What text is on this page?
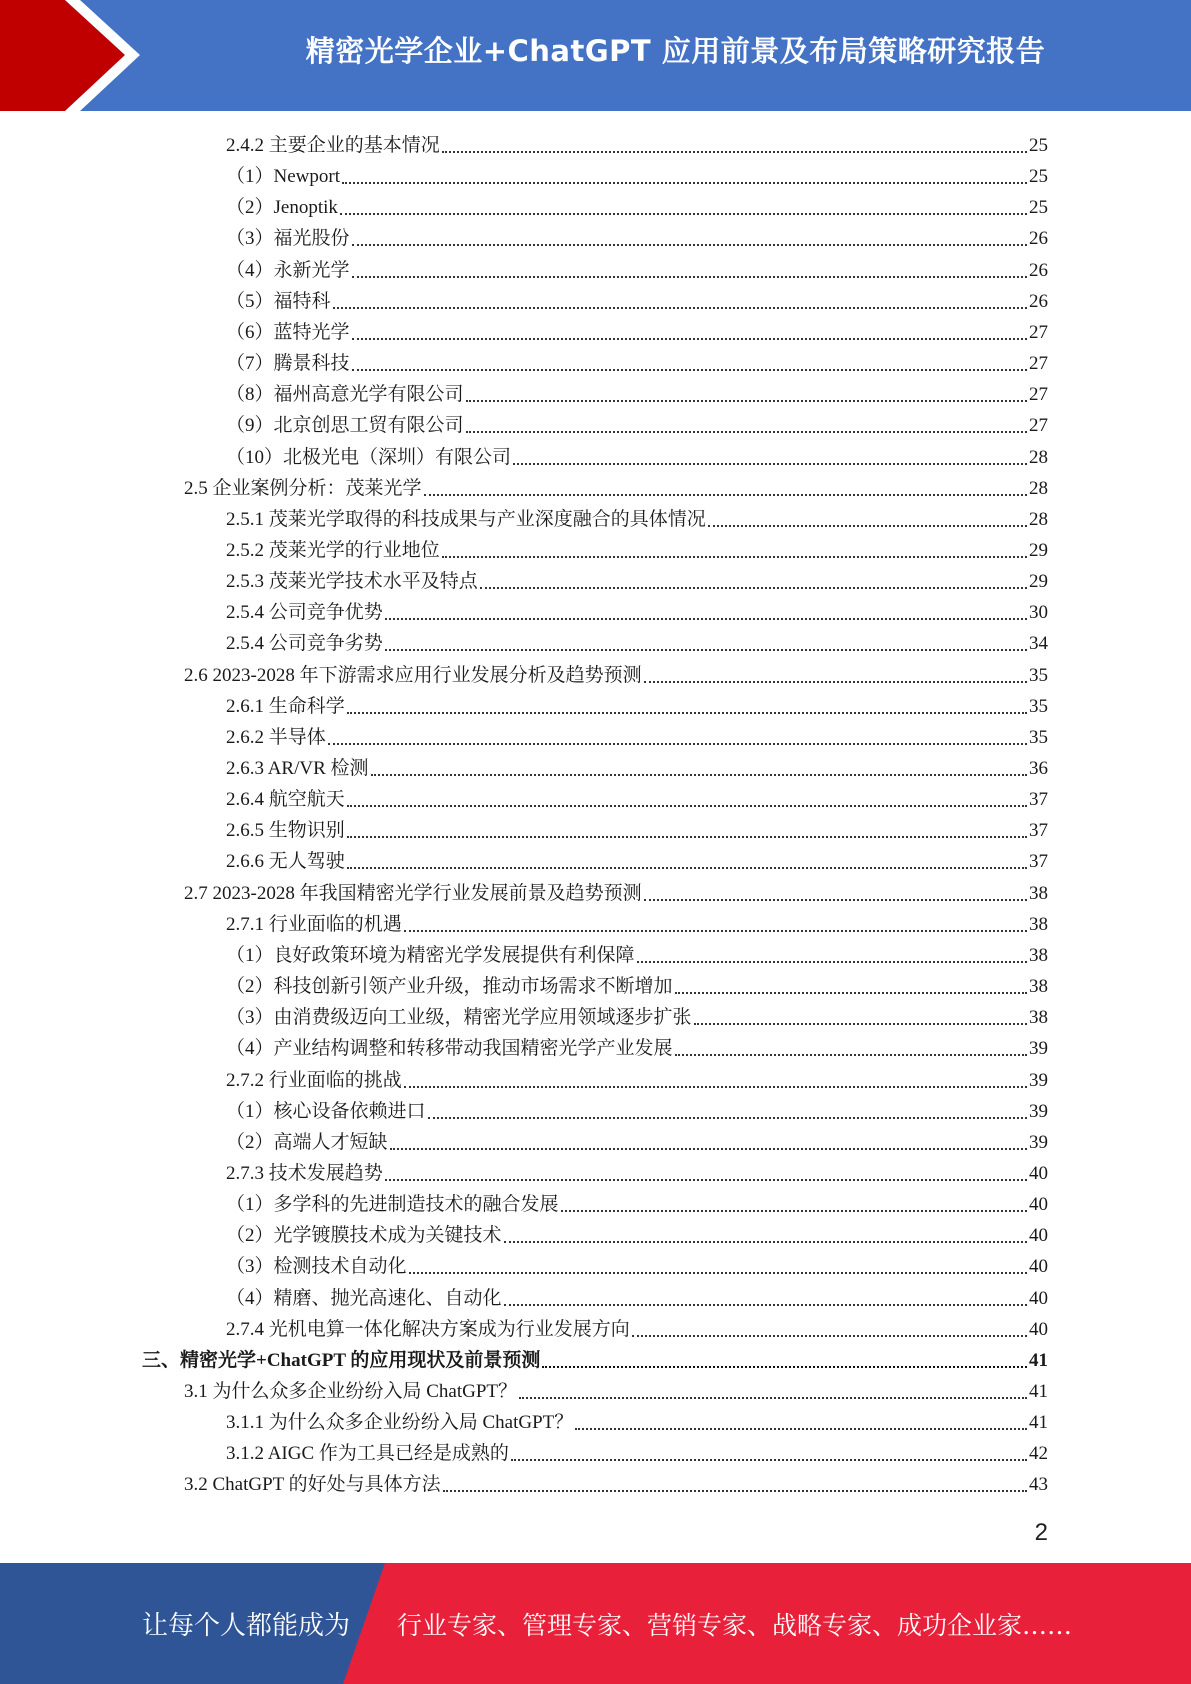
精密光学企业+ChatGPT 应用前景及布局策略研究报告
2.4.2 主要企业的基本情况	25
（1）Newport	25
（2）Jenoptik	25
（3）福光股份	26
（4）永新光学	26
（5）福特科	26
（6）蓝特光学	27
（7）腾景科技	27
（8）福州高意光学有限公司	27
（9）北京创思工贸有限公司	27
（10）北极光电（深圳）有限公司	28
2.5 企业案例分析：茂莱光学	28
2.5.1 茂莱光学取得的科技成果与产业深度融合的具体情况	28
2.5.2 茂莱光学的行业地位	29
2.5.3 茂莱光学技术水平及特点	29
2.5.4 公司竞争优势	30
2.5.4 公司竞争劣势	34
2.6 2023-2028 年下游需求应用行业发展分析及趋势预测	35
2.6.1 生命科学	35
2.6.2 半导体	35
2.6.3 AR/VR 检测	36
2.6.4 航空航天	37
2.6.5 生物识别	37
2.6.6 无人驾驶	37
2.7 2023-2028 年我国精密光学行业发展前景及趋势预测	38
2.7.1 行业面临的机遇	38
（1）良好政策环境为精密光学发展提供有利保障	38
（2）科技创新引领产业升级，推动市场需求不断增加	38
（3）由消费级迈向工业级，精密光学应用领域逐步扩张	38
（4）产业结构调整和转移带动我国精密光学产业发展	39
2.7.2 行业面临的挑战	39
（1）核心设备依赖进口	39
（2）高端人才短缺	39
2.7.3 技术发展趋势	40
（1）多学科的先进制造技术的融合发展	40
（2）光学镀膜技术成为关键技术	40
（3）检测技术自动化	40
（4）精磨、抛光高速化、自动化	40
2.7.4 光机电算一体化解决方案成为行业发展方向	40
三、精密光学+ChatGPT 的应用现状及前景预测	41
3.1 为什么众多企业纷纷入局 ChatGPT？	41
3.1.1 为什么众多企业纷纷入局 ChatGPT？	41
3.1.2 AIGC 作为工具已经是成熟的	42
3.2 ChatGPT 的好处与具体方法	43
2
让每个人都能成为 行业专家、管理专家、营销专家、战略专家、成功企业家……
